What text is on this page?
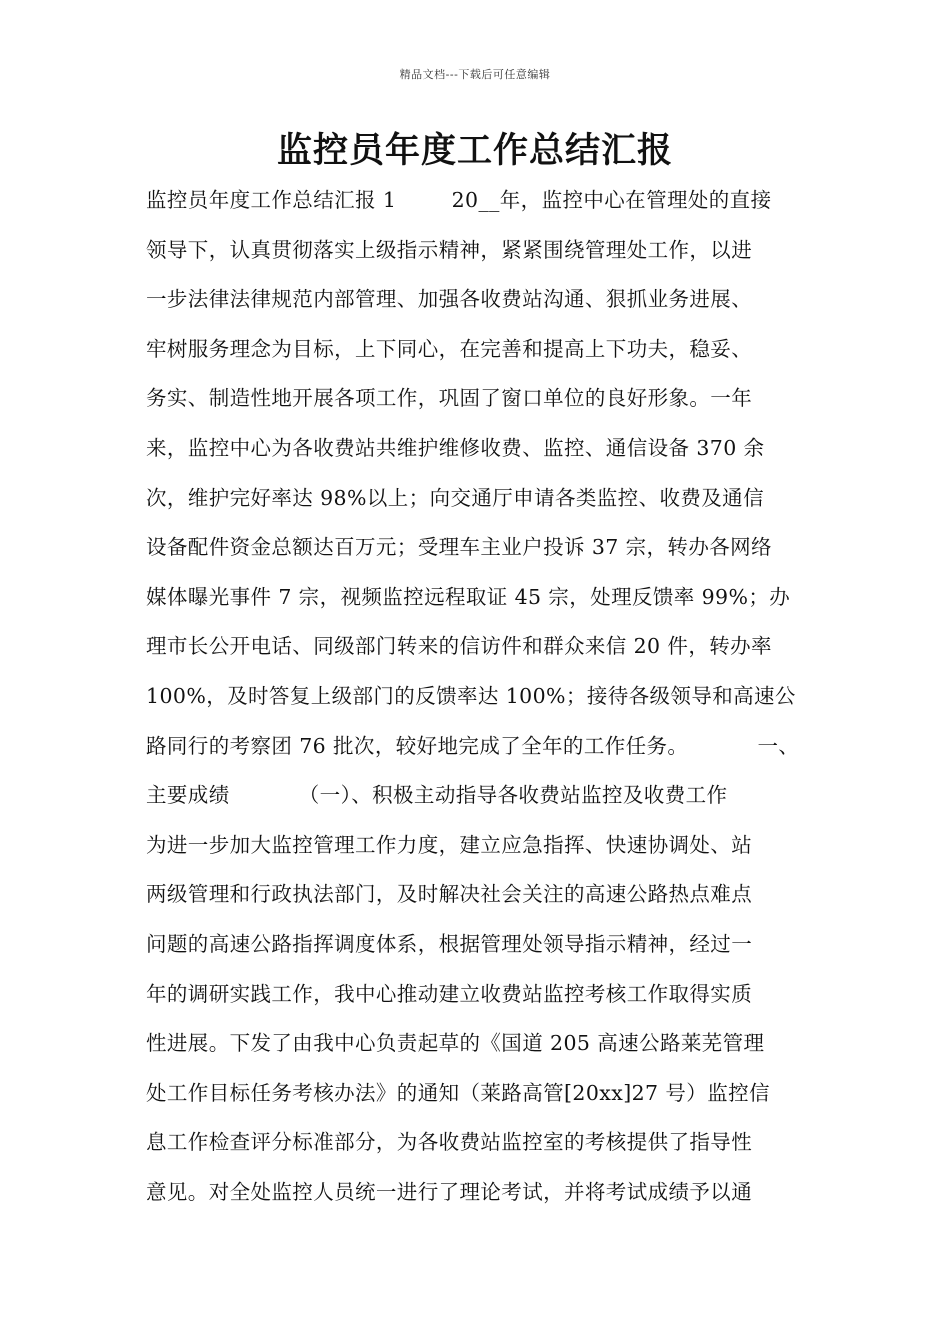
精品文档---下载后可任意编辑
监控员年度工作总结汇报
监控员年度工作总结汇报 1        20__年，监控中心在管理处的直接
领导下，认真贯彻落实上级指示精神，紧紧围绕管理处工作，以进
一步法律法律规范内部管理、加强各收费站沟通、狠抓业务进展、
牢树服务理念为目标，上下同心，在完善和提高上下功夫，稳妥、
务实、制造性地开展各项工作，巩固了窗口单位的良好形象。一年
来，监控中心为各收费站共维护维修收费、监控、通信设备 370 余
次，维护完好率达 98%以上；向交通厅申请各类监控、收费及通信
设备配件资金总额达百万元；受理车主业户投诉 37 宗，转办各网络
媒体曝光事件 7 宗，视频监控远程取证 45 宗，处理反馈率 99%；办
理市长公开电话、同级部门转来的信访件和群众来信 20 件，转办率
100%，及时答复上级部门的反馈率达 100%；接待各级领导和高速公
路同行的考察团 76 批次，较好地完成了全年的工作任务。          一、
主要成绩          （一）、积极主动指导各收费站监控及收费工作
为进一步加大监控管理工作力度，建立应急指挥、快速协调处、站
两级管理和行政执法部门，及时解决社会关注的高速公路热点难点
问题的高速公路指挥调度体系，根据管理处领导指示精神，经过一
年的调研实践工作，我中心推动建立收费站监控考核工作取得实质
性进展。下发了由我中心负责起草的《国道 205 高速公路莱芜管理
处工作目标任务考核办法》的通知（莱路高管[20xx]27 号）监控信
息工作检查评分标准部分，为各收费站监控室的考核提供了指导性
意见。对全处监控人员统一进行了理论考试，并将考试成绩予以通
